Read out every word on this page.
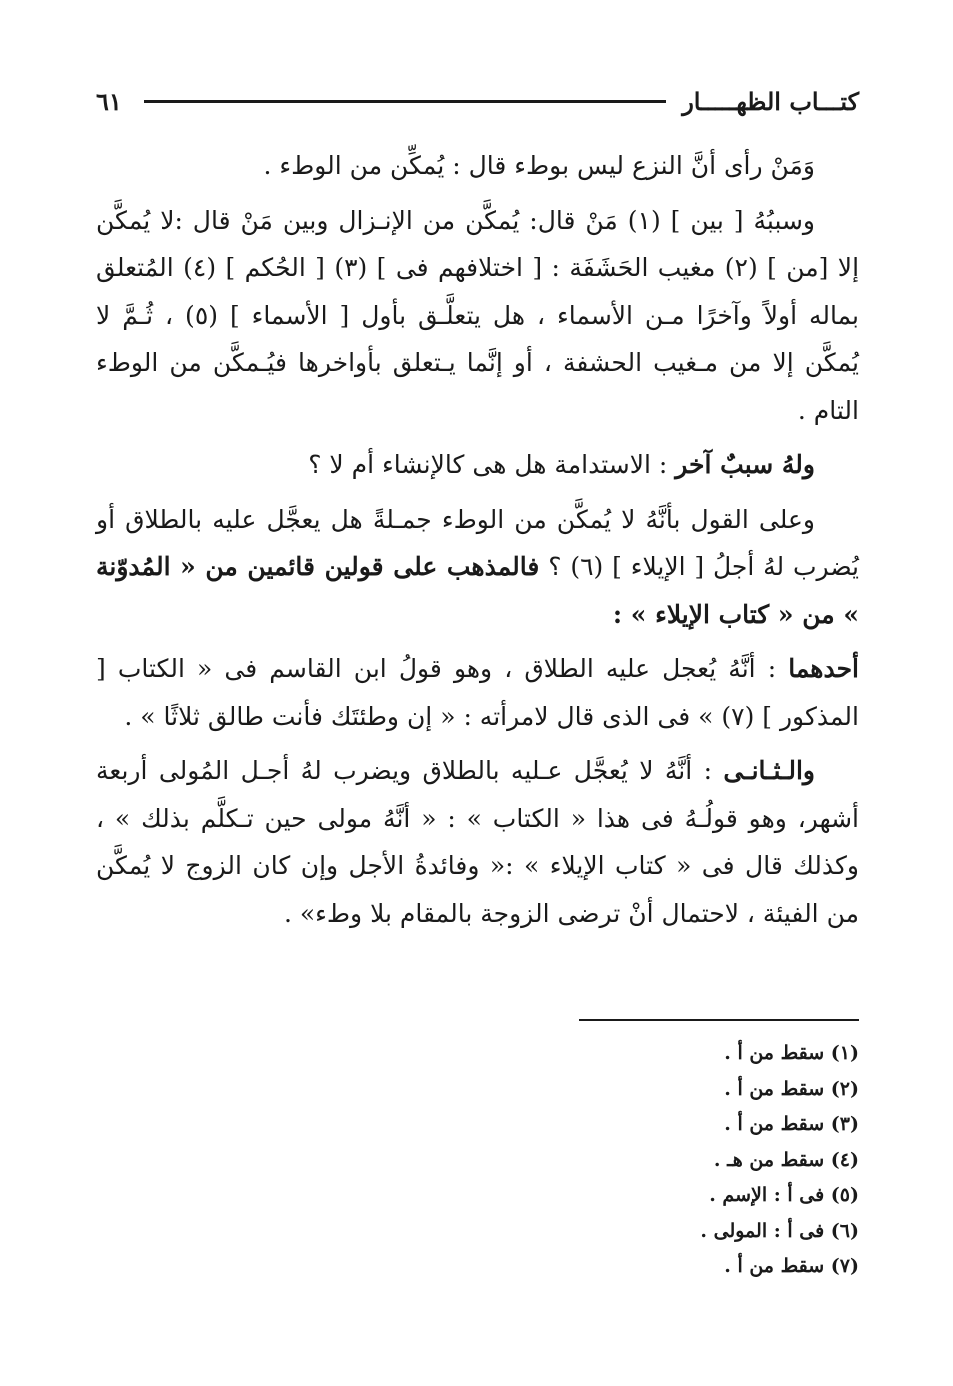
كتـــاب الظهـــــار
٦١

وَمَنْ رأى أنَّ النزع ليس بوطء قال : يُمكِّن من الوطء .

وسببُهُ [ بين ] (١) مَنْ قال: يُمكَّن من الإنـزال وبين مَنْ قال :لا يُمكَّن إلا [من ] (٢) مغيب الحَشَفَة : [ اختلافهم فى ] (٣) [ الحُكم ] (٤) المُتعلق بماله أولاً وآخرًا مـن الأسماء ، هل يتعلَّـق بأول [ الأسماء ] (٥) ، ثُـمَّ لا يُمكَّن إلا من مـغيب الحشفة ، أو إنَّما يـتعلق بأواخرها فيُـمكَّن من الوطء التام .

ولهُ سببٌ آخر : الاستدامة هل هى كالإنشاء أم لا ؟

وعلى القول بأنَّهُ لا يُمكَّن من الوطء جمـلةً هل يعجَّل عليه بالطلاق أو يُضرب لهُ أجلُ [ الإيلاء ] (٦) ؟ فالمذهب على قولين قائمين من « المُدوّنة » من « كتاب الإيلاء » :

أحدهما : أنَّهُ يُعجل عليه الطلاق ، وهو قولُ ابن القاسم فى « الكتاب [ المذكور ] (٧) » فى الذى قال لامرأته : « إن وطئتَك فأنت طالق ثلاثًا » .

والـثـانـى : أنَّهُ لا يُعجَّل عـليه بالطلاق ويضرب لهُ أجـل المُولى أربعة أشهر، وهو قولُـهُ فى هذا « الكتاب » : « أنَّهُ مولى حين تـكلَّم بذلك » ، وكذلك قال فى « كتاب الإيلاء » :« وفائدةُ الأجل وإن كان الزوج لا يُمكَّن من الفيئة ، لاحتمال أنْ ترضى الزوجة بالمقام بلا وطء» .

(١) سقط من أ .
(٢) سقط من أ .
(٣) سقط من أ .
(٤) سقط من هـ .
(٥) فى أ : الإسم .
(٦) فى أ : المولى .
(٧) سقط من أ .
